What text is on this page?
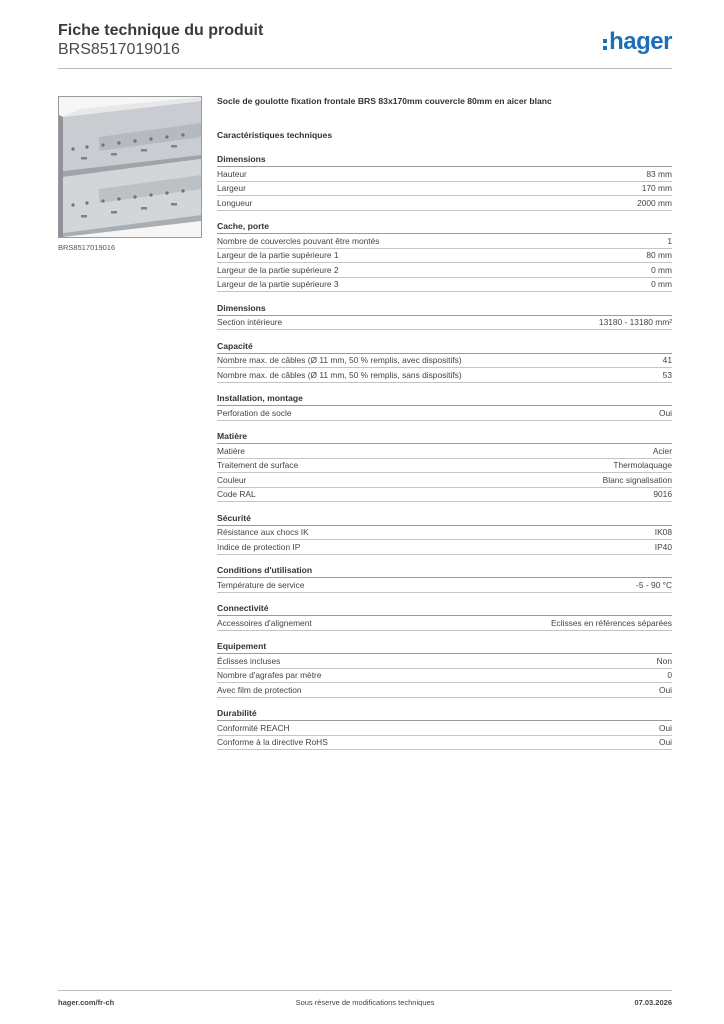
Fiche technique du produit
BRS8517019016	hager
BRS8517019016
Socle de goulotte fixation frontale BRS 83x170mm couvercle 80mm en aicer blanc
Caractéristiques techniques
Dimensions
Hauteur	83 mm
Largeur	170 mm
Longueur	2000 mm
Cache, porte
Nombre de couvercles pouvant être montés	1
Largeur de la partie supérieure 1	80 mm
Largeur de la partie supérieure 2	0 mm
Largeur de la partie supérieure 3	0 mm
Dimensions
Section intérieure	13180 - 13180 mm²
Capacité
Nombre max. de câbles (Ø 11 mm, 50 % remplis, avec dispositifs)	41
Nombre max. de câbles (Ø 11 mm, 50 % remplis, sans dispositifs)	53
Installation, montage
Perforation de socle	Oui
Matière
Matière	Acier
Traitement de surface	Thermolaquage
Couleur	Blanc signalisation
Code RAL	9016
Sécurité
Résistance aux chocs IK	IK08
Indice de protection IP	IP40
Conditions d'utilisation
Température de service	-5 - 90 °C
Connectivité
Accessoires d'alignement	Eclisses en références séparées
Equipement
Éclisses incluses	Non
Nombre d'agrafes par mètre	0
Avec film de protection	Oui
Durabilité
Conformité REACH	Oui
Conforme à la directive RoHS	Oui
hager.com/fr-ch	Sous réserve de modifications techniques	07.03.2026
